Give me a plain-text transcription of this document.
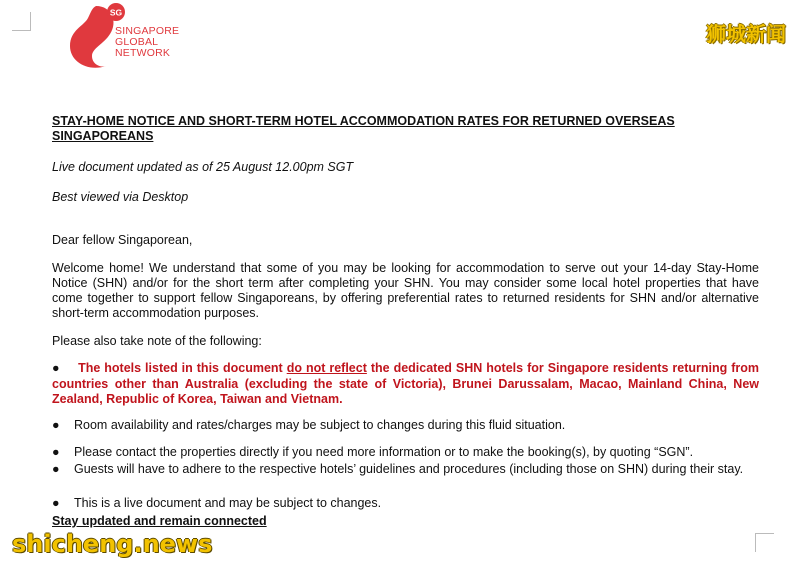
SG
SINGAPORE
GLOBAL
NETWORK
狮城新闻
STAY-HOME NOTICE AND SHORT-TERM HOTEL ACCOMMODATION RATES FOR RETURNED OVERSEAS SINGAPOREANS
Live document updated as of 25 August 12.00pm SGT
Best viewed via Desktop
Dear fellow Singaporean,
Welcome home! We understand that some of you may be looking for accommodation to serve out your 14-day Stay-Home Notice (SHN) and/or for the short term after completing your SHN. You may consider some local hotel properties that have come together to support fellow Singaporeans, by offering preferential rates to returned residents for SHN and/or alternative short-term accommodation purposes.
Please also take note of the following:
● The hotels listed in this document do not reflect the dedicated SHN hotels for Singapore residents returning from countries other than Australia (excluding the state of Victoria), Brunei Darussalam, Macao, Mainland China, New Zealand, Republic of Korea, Taiwan and Vietnam.
● Room availability and rates/charges may be subject to changes during this fluid situation.
● Please contact the properties directly if you need more information or to make the booking(s), by quoting “SGN”.
● Guests will have to adhere to the respective hotels’ guidelines and procedures (including those on SHN) during their stay.
● This is a live document and may be subject to changes.
Stay updated and remain connected
shicheng.news
